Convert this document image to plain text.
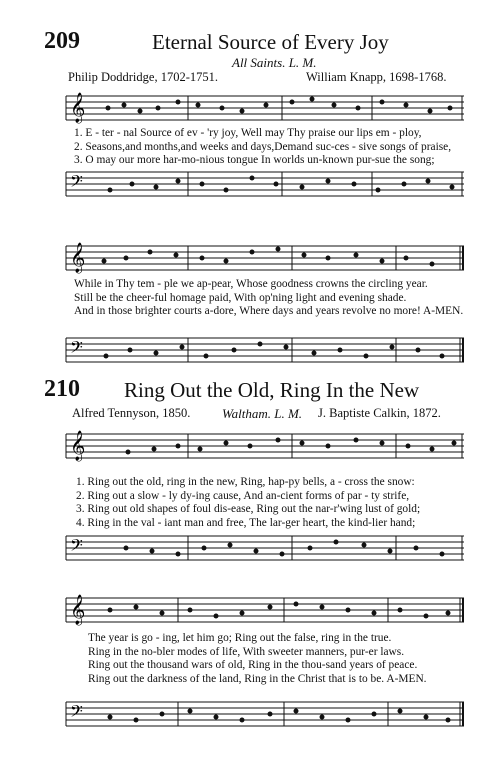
209	Eternal Source of Every Joy
All Saints. L. M.
Philip Doddridge, 1702-1751.	William Knapp, 1698-1768.
𝄞
1. E - ter - nal Source of ev - 'ry joy, Well may Thy praise our lips em - ploy,
2. Seasons,and months,and weeks and days,Demand suc-ces - sive songs of praise,
3. O may our more har-mo-nious tongue In worlds un-known pur-sue the song;
𝄢
𝄞
While in Thy tem - ple we ap-pear, Whose goodness crowns the circling year.
Still be the cheer-ful homage paid, With op'ning light and evening shade.
And in those brighter courts a-dore, Where days and years revolve no more! A-MEN.
𝄢
210 Ring Out the Old, Ring In the New
Alfred Tennyson, 1850. Waltham. L. M. J. Baptiste Calkin, 1872.
𝄞
1. Ring out the old, ring in the new, Ring, hap-py bells, a - cross the snow:
2. Ring out a slow - ly dy-ing cause, And an-cient forms of par - ty strife,
3. Ring out old shapes of foul dis-ease, Ring out the nar-r'wing lust of gold;
4. Ring in the val - iant man and free, The lar-ger heart, the kind-lier hand;
𝄢
𝄞
The year is go - ing, let him go; Ring out the false, ring in the true.
Ring in the no-bler modes of life, With sweeter manners, pur-er laws.
Ring out the thousand wars of old, Ring in the thou-sand years of peace.
Ring out the darkness of the land, Ring in the Christ that is to be. A-MEN.
𝄢
